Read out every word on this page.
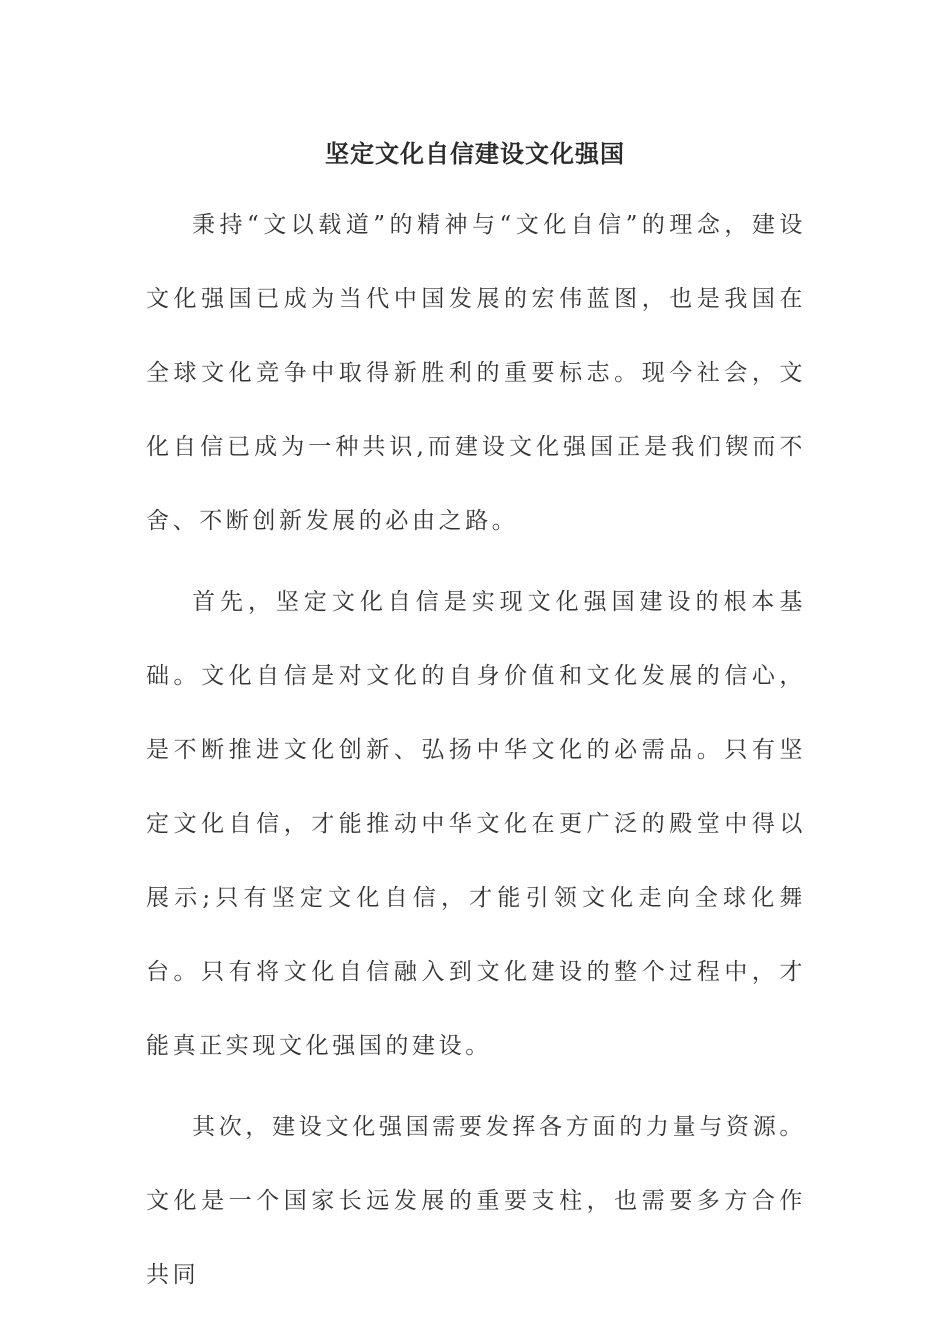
坚定文化自信建设文化强国

秉持“文以载道”的精神与“文化自信”的理念，建设文化强国已成为当代中国发展的宏伟蓝图，也是我国在全球文化竞争中取得新胜利的重要标志。现今社会，文化自信已成为一种共识,而建设文化强国正是我们锲而不舍、不断创新发展的必由之路。

首先，坚定文化自信是实现文化强国建设的根本基础。文化自信是对文化的自身价值和文化发展的信心，是不断推进文化创新、弘扬中华文化的必需品。只有坚定文化自信，才能推动中华文化在更广泛的殿堂中得以展示;只有坚定文化自信，才能引领文化走向全球化舞台。只有将文化自信融入到文化建设的整个过程中，才能真正实现文化强国的建设。

其次，建设文化强国需要发挥各方面的力量与资源。文化是一个国家长远发展的重要支柱，也需要多方合作共同
